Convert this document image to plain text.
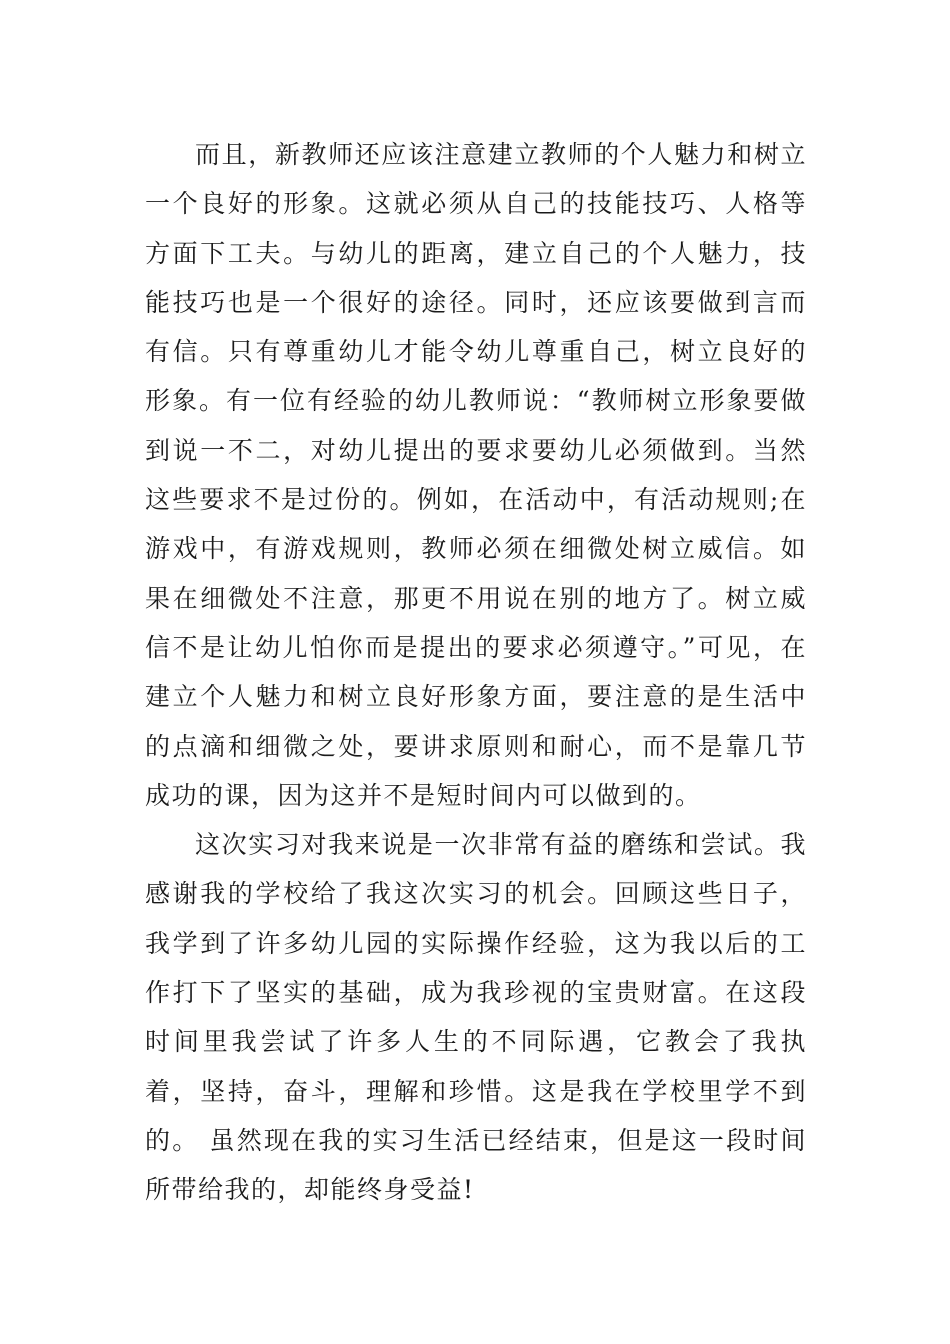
而且，新教师还应该注意建立教师的个人魅力和树立一个良好的形象。这就必须从自己的技能技巧、人格等方面下工夫。与幼儿的距离，建立自己的个人魅力，技能技巧也是一个很好的途径。同时，还应该要做到言而有信。只有尊重幼儿才能令幼儿尊重自己，树立良好的形象。有一位有经验的幼儿教师说：“教师树立形象要做到说一不二，对幼儿提出的要求要幼儿必须做到。当然这些要求不是过份的。例如，在活动中，有活动规则;在游戏中，有游戏规则，教师必须在细微处树立威信。如果在细微处不注意，那更不用说在别的地方了。树立威信不是让幼儿怕你而是提出的要求必须遵守。”可见，在建立个人魅力和树立良好形象方面，要注意的是生活中的点滴和细微之处，要讲求原则和耐心，而不是靠几节成功的课，因为这并不是短时间内可以做到的。

这次实习对我来说是一次非常有益的磨练和尝试。我感谢我的学校给了我这次实习的机会。回顾这些日子，我学到了许多幼儿园的实际操作经验，这为我以后的工作打下了坚实的基础，成为我珍视的宝贵财富。在这段时间里我尝试了许多人生的不同际遇，它教会了我执着，坚持，奋斗，理解和珍惜。这是我在学校里学不到的。 虽然现在我的实习生活已经结束，但是这一段时间所带给我的，却能终身受益!
